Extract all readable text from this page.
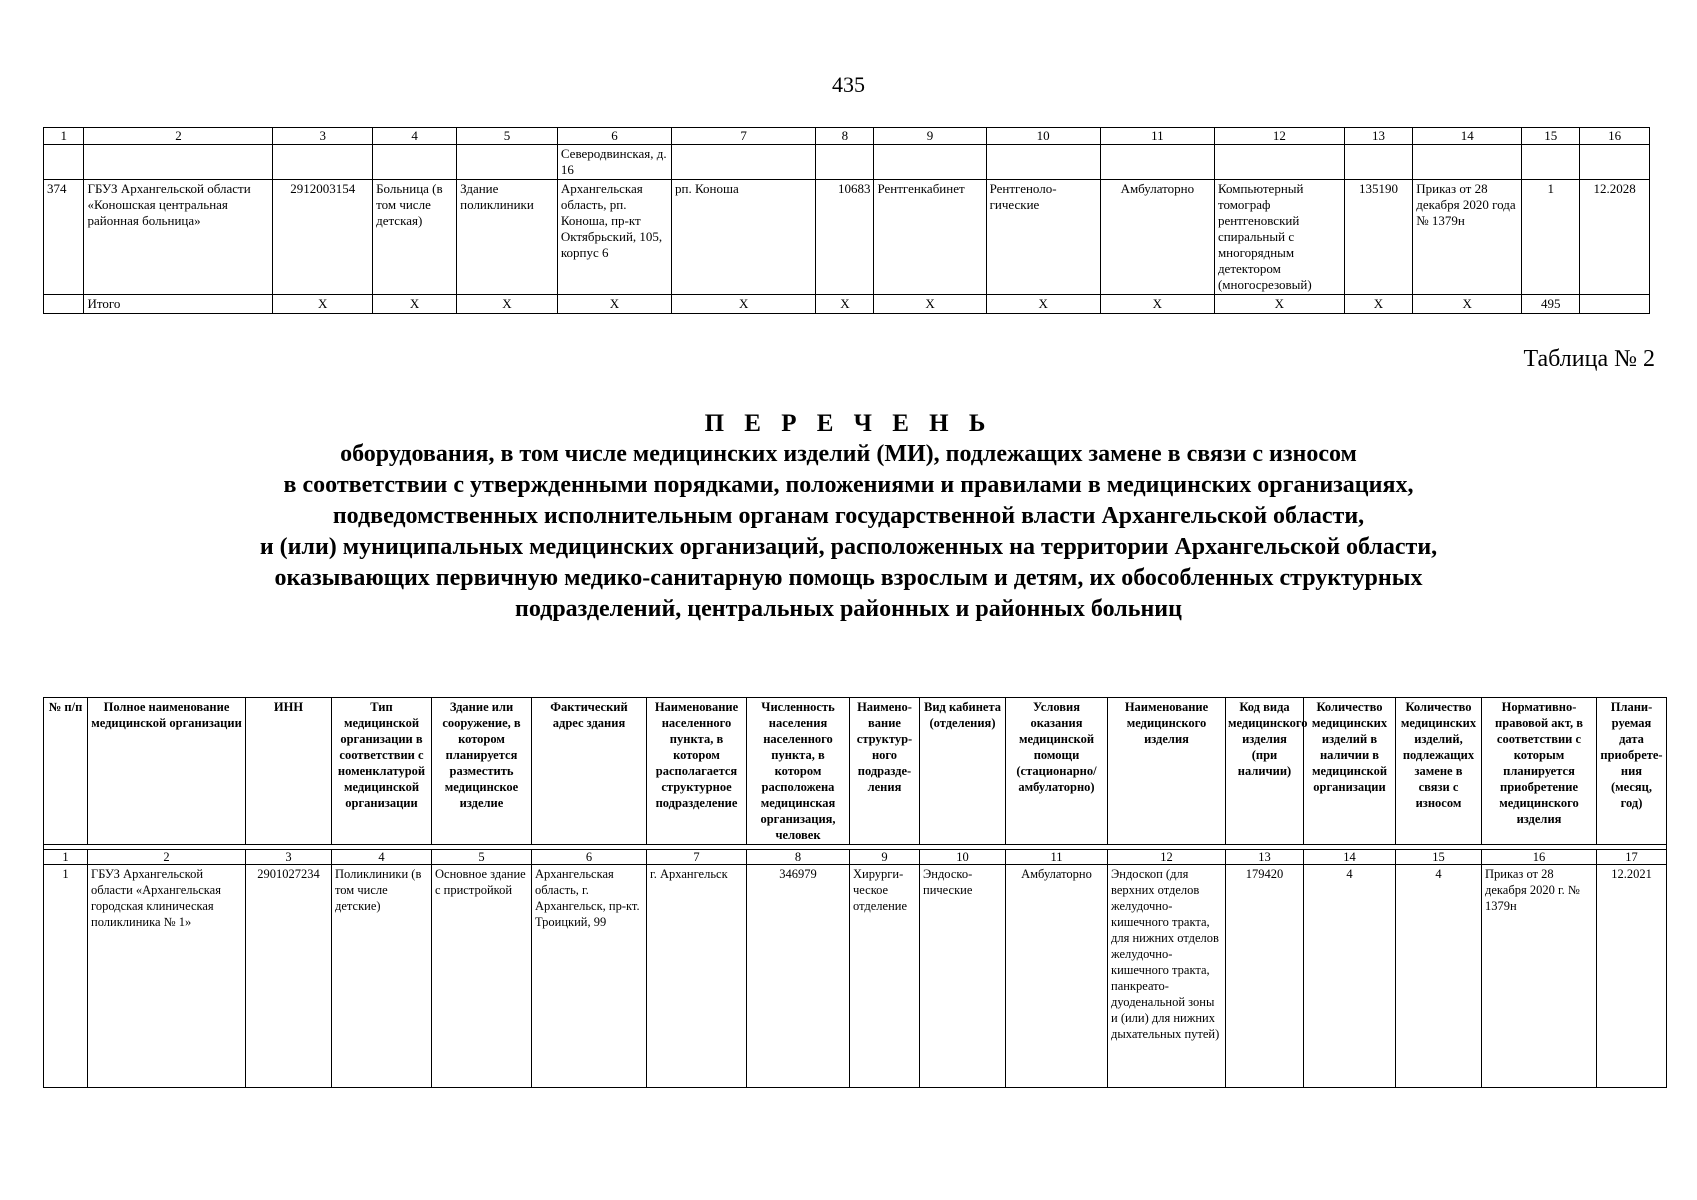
435
1	2	3	4	5	6	7	8	9	10	11	12	13	14	15	16
					Северодвинская, д. 16										
374	ГБУЗ Архангельской области «Коношская центральная районная больница»	2912003154	Больница (в том числе детская)	Здание поликлиники	Архангельская область, рп. Коноша, пр-кт Октябрьский, 105, корпус 6	рп. Коноша	10683	Рентгенкабинет	Рентгеноло-гические	Амбулаторно	Компьютерный томограф рентгеновский спиральный с многорядным детектором (многосрезовый)	135190	Приказ от 28 декабря 2020 года № 1379н	1	12.2028
	Итого	X	X	X	X	X	X	X	X	X	X	X	X	495	
Таблица № 2
П Е Р Е Ч Е Н Ь
оборудования, в том числе медицинских изделий (МИ), подлежащих замене в связи с износом
в соответствии с утвержденными порядками, положениями и правилами в медицинских организациях,
подведомственных исполнительным органам государственной власти Архангельской области,
и (или) муниципальных медицинских организаций, расположенных на территории Архангельской области,
оказывающих первичную медико-санитарную помощь взрослым и детям, их обособленных структурных
подразделений, центральных районных и районных больниц
№ п/п	Полное наименование медицинской организации	ИНН	Тип медицинской организации в соответствии с номенклатурой медицинской организации	Здание или сооружение, в котором планируется разместить медицинское изделие	Фактический адрес здания	Наименование населенного пункта, в котором располагается структурное подразделение	Численность населения населенного пункта, в котором расположена медицинская организация, человек	Наимено-вание структур-ного подразде-ления	Вид кабинета (отделения)	Условия оказания медицинской помощи (стационарно/ амбулаторно)	Наименование медицинского изделия	Код вида медицинского изделия (при наличии)	Количество медицинских изделий в наличии в медицинской организации	Количество медицинских изделий, подлежащих замене в связи с износом	Нормативно-правовой акт, в соответствии с которым планируется приобретение медицинского изделия	Плани-руемая дата приобрете-ния (месяц, год)

1	2	3	4	5	6	7	8	9	10	11	12	13	14	15	16	17
1	ГБУЗ Архангельской области «Архангельская городская клиническая поликлиника № 1»	2901027234	Поликлиники (в том числе детские)	Основное здание с пристройкой	Архангельская область, г. Архангельск, пр-кт. Троицкий, 99	г. Архангельск	346979	Хирурги-ческое отделение	Эндоско-пические	Амбулаторно	Эндоскоп (для верхних отделов желудочно-кишечного тракта, для нижних отделов желудочно-кишечного тракта, панкреато-дуоденальной зоны и (или) для нижних дыхательных путей)	179420	4	4	Приказ от 28 декабря 2020 г. № 1379н	12.2021
